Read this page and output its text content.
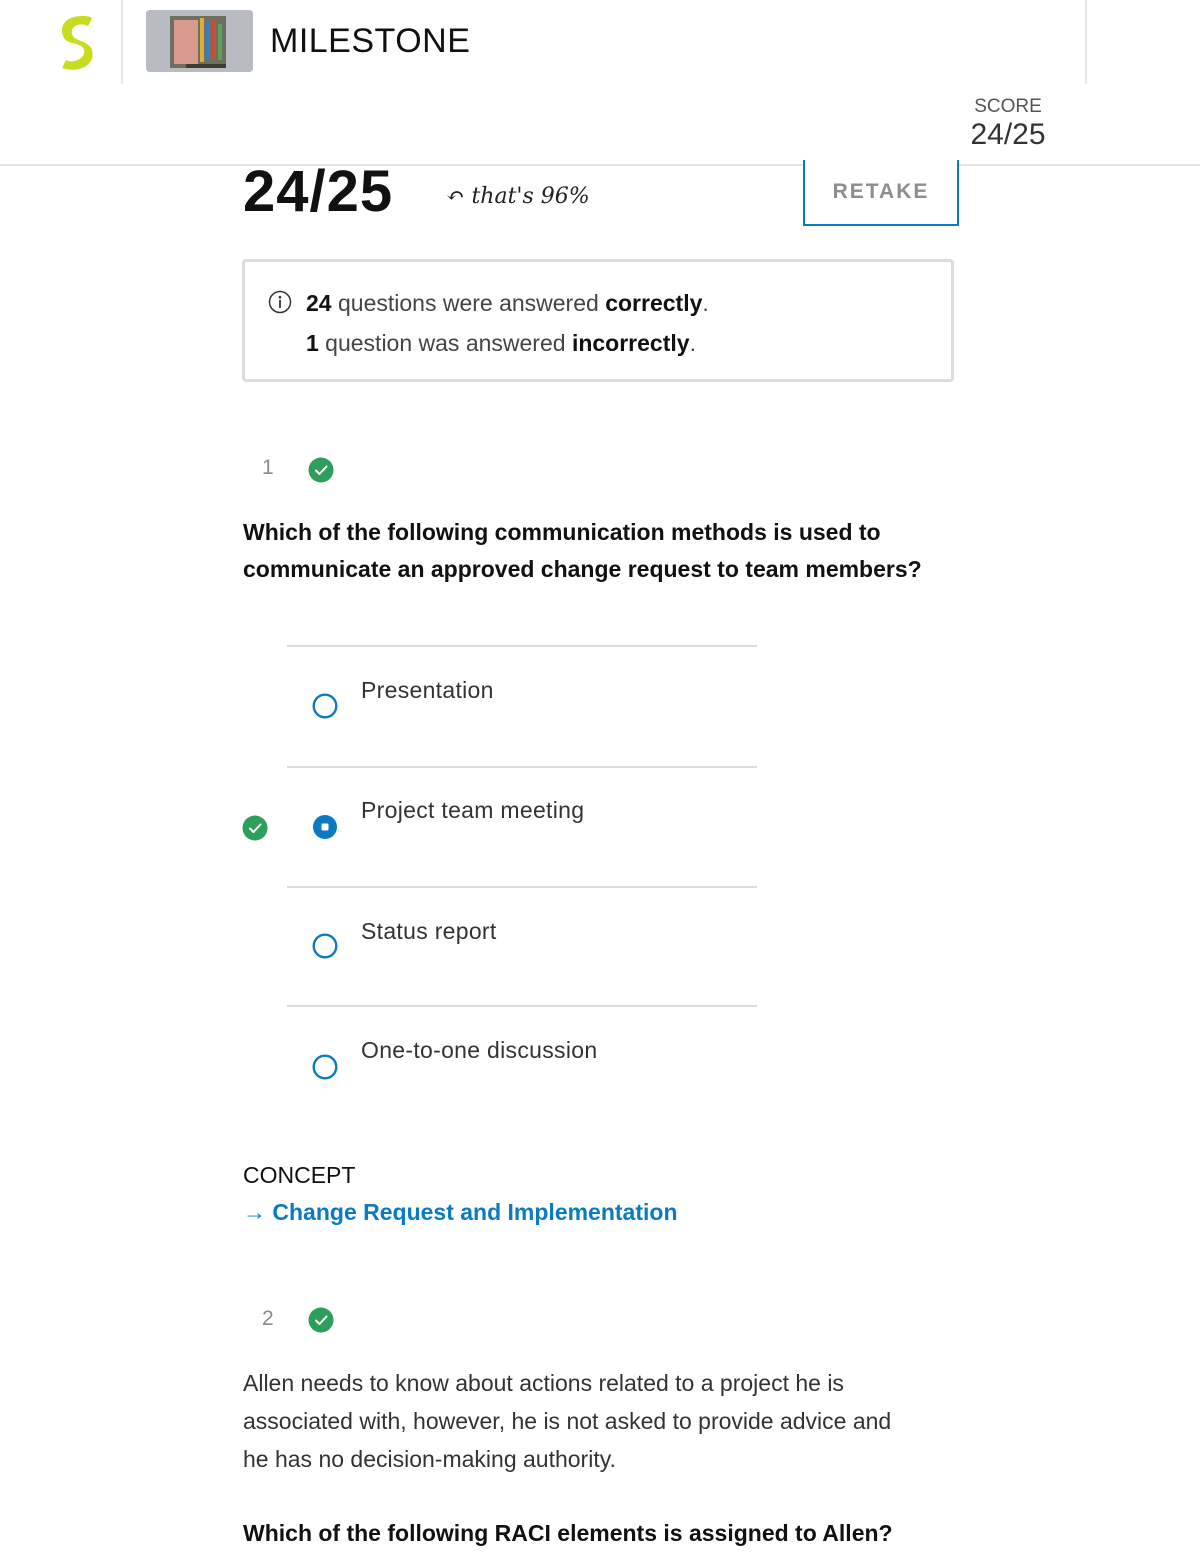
MILESTONE
SCORE
24/25
24/25 ↶ that's 96%	RETAKE
24 questions were answered correctly.
1 question was answered incorrectly.
1
Which of the following communication methods is used to communicate an approved change request to team members?
Presentation
Project team meeting
Status report
One-to-one discussion
CONCEPT
→ Change Request and Implementation
2
Allen needs to know about actions related to a project he is associated with, however, he is not asked to provide advice and he has no decision-making authority.
Which of the following RACI elements is assigned to Allen?
